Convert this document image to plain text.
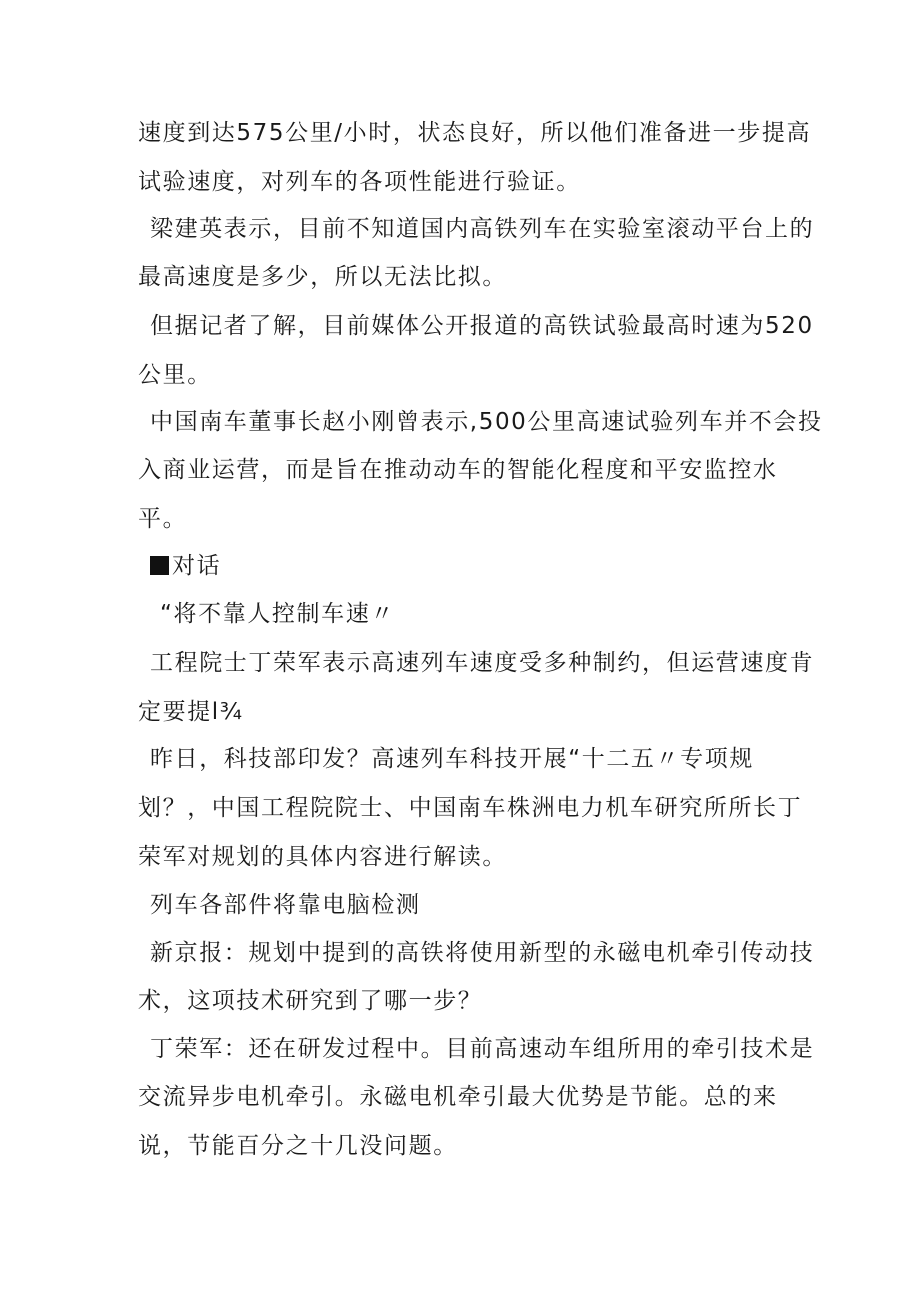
速度到达575公里/小时，状态良好，所以他们准备进一步提高
试验速度，对列车的各项性能进行验证。
梁建英表示，目前不知道国内高铁列车在实验室滚动平台上的
最高速度是多少，所以无法比拟。
但据记者了解，目前媒体公开报道的高铁试验最高时速为520
公里。
中国南车董事长赵小刚曾表示,500公里高速试验列车并不会投
入商业运营，而是旨在推动动车的智能化程度和平安监控水
平。
对话
“将不靠人控制车速〃
工程院士丁荣军表示高速列车速度受多种制约，但运营速度肯
定要提l¾
昨日，科技部印发？高速列车科技开展“十二五〃专项规
划？，中国工程院院士、中国南车株洲电力机车研究所所长丁
荣军对规划的具体内容进行解读。
列车各部件将靠电脑检测
新京报：规划中提到的高铁将使用新型的永磁电机牵引传动技
术，这项技术研究到了哪一步？
丁荣军：还在研发过程中。目前高速动车组所用的牵引技术是
交流异步电机牵引。永磁电机牵引最大优势是节能。总的来
说，节能百分之十几没问题。
